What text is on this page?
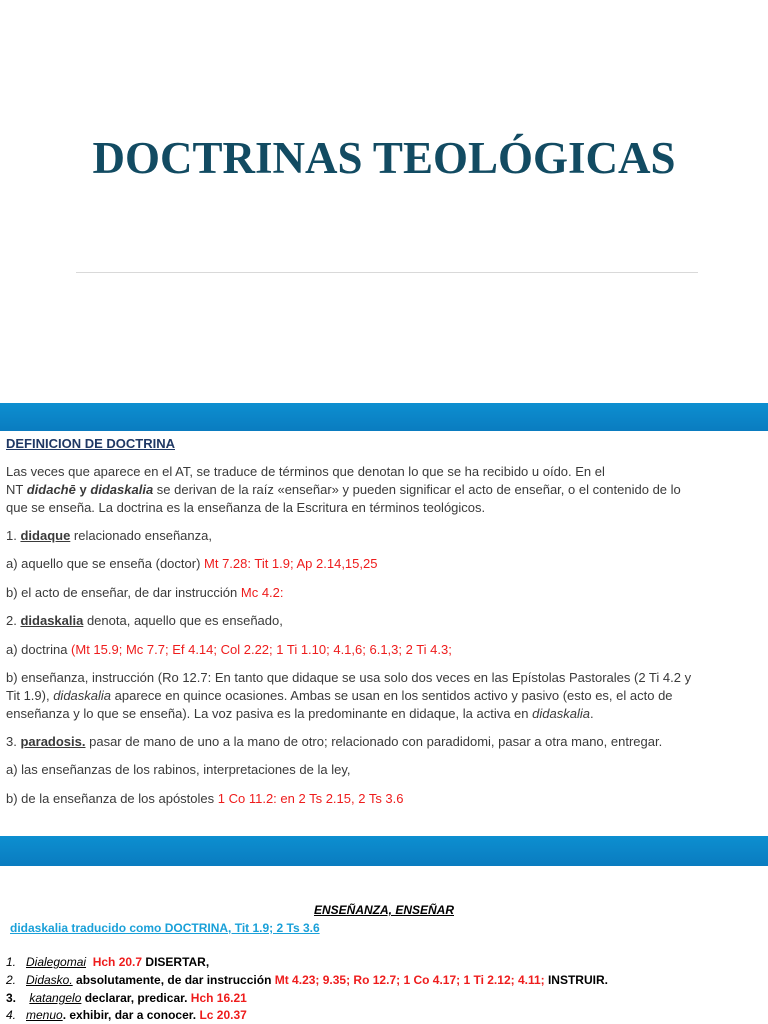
DOCTRINAS TEOLÓGICAS
DEFINICION DE DOCTRINA
Las veces que aparece en el AT, se traduce de términos que denotan lo que se ha recibido u oído. En el
NT didachē y didaskalia se derivan de la raíz «enseñar» y pueden significar el acto de enseñar, o el contenido de lo
que se enseña. La doctrina es la enseñanza de la Escritura en términos teológicos.
1. didaque relacionado enseñanza,
a) aquello que se enseña (doctor) Mt 7.28: Tit 1.9; Ap 2.14,15,25
b) el acto de enseñar, de dar instrucción Mc 4.2:
2. didaskalia denota, aquello que es enseñado,
a) doctrina (Mt 15.9; Mc 7.7; Ef 4.14; Col 2.22; 1 Ti 1.10; 4.1,6; 6.1,3; 2 Ti 4.3;
b) enseñanza, instrucción (Ro 12.7: En tanto que didaque se usa solo dos veces en las Epístolas Pastorales (2 Ti 4.2 y
Tit 1.9), didaskalia aparece en quince ocasiones. Ambas se usan en los sentidos activo y pasivo (esto es, el acto de
enseñanza y lo que se enseña). La voz pasiva es la predominante en didaque, la activa en didaskalia.
3. paradosis. pasar de mano de uno a la mano de otro; relacionado con paradidomi, pasar a otra mano, entregar.
a) las enseñanzas de los rabinos, interpretaciones de la ley,
b) de la enseñanza de los apóstoles 1 Co 11.2: en 2 Ts 2.15, 2 Ts 3.6
ENSEÑANZA, ENSEÑAR
didaskalia traducido como DOCTRINA, Tit 1.9; 2 Ts 3.6
1. Dialegomai Hch 20.7 DISERTAR,
2. Didasko. absolutamente, de dar instrucción Mt 4.23; 9.35; Ro 12.7; 1 Co 4.17; 1 Ti 2.12; 4.11; INSTRUIR.
3. katangelo declarar, predicar. Hch 16.21
4. menuo. exhibir, dar a conocer. Lc 20.37
